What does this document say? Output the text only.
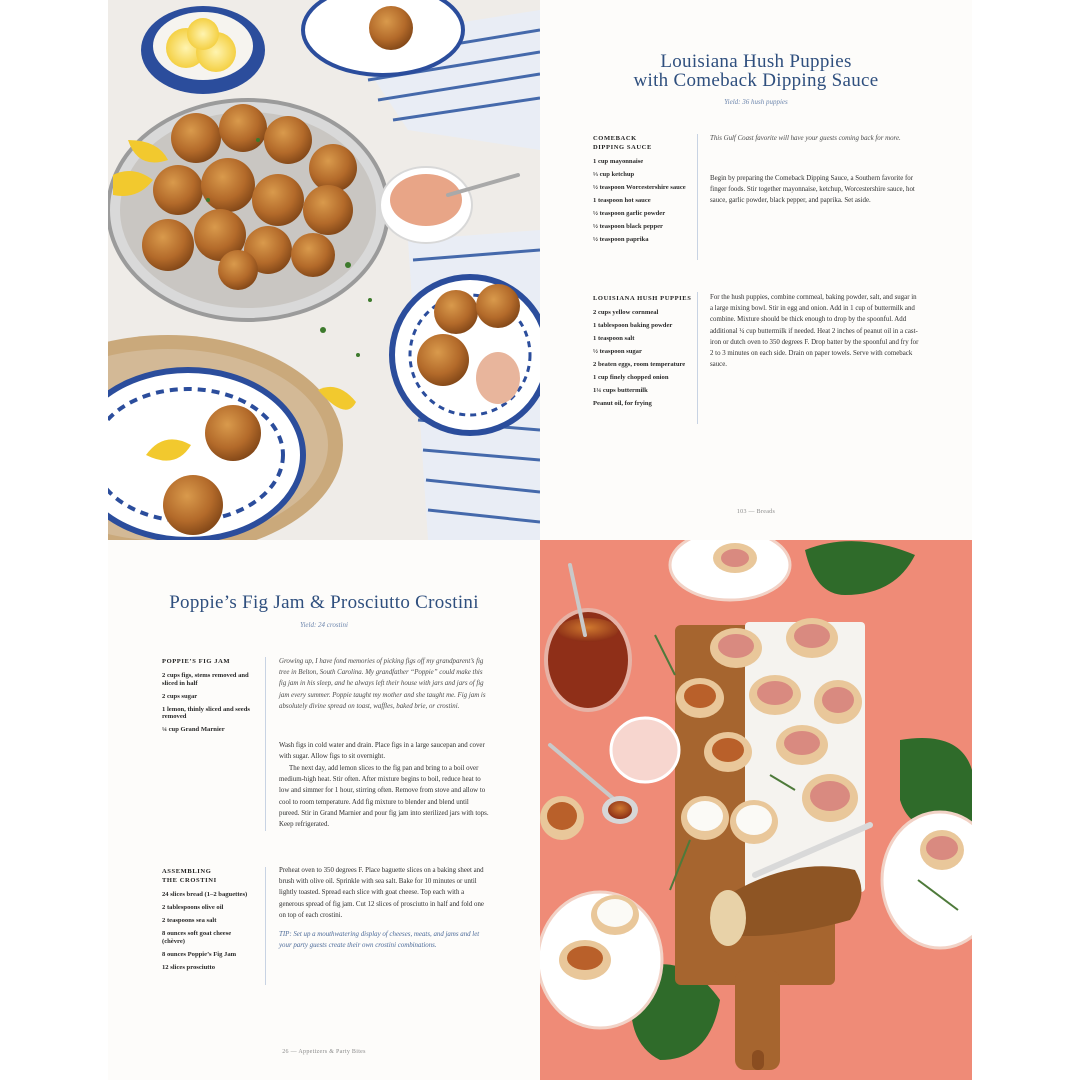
Louisiana Hush Puppies
with Comeback Dipping Sauce
Yield: 36 hush puppies
COMEBACK
DIPPING SAUCE
1 cup mayonnaise
⅓ cup ketchup
½ teaspoon Worcestershire sauce
1 teaspoon hot sauce
½ teaspoon garlic powder
½ teaspoon black pepper
½ teaspoon paprika

This Gulf Coast favorite will have your guests coming back for more.

Begin by preparing the Comeback Dipping Sauce, a Southern favorite for finger foods. Stir together mayonnaise, ketchup, Worcestershire sauce, hot sauce, garlic powder, black pepper, and paprika. Set aside.

LOUISIANA HUSH PUPPIES
2 cups yellow cornmeal
1 tablespoon baking powder
1 teaspoon salt
½ teaspoon sugar
2 beaten eggs, room temperature
1 cup finely chopped onion
1¼ cups buttermilk
Peanut oil, for frying

For the hush puppies, combine cornmeal, baking powder, salt, and sugar in a large mixing bowl. Stir in egg and onion. Add in 1 cup of buttermilk and combine. Mixture should be thick enough to drop by the spoonful. Add additional ¼ cup buttermilk if needed. Heat 2 inches of peanut oil in a cast-iron or dutch oven to 350 degrees F. Drop batter by the spoonful and fry for 2 to 3 minutes on each side. Drain on paper towels. Serve with comeback sauce.

103 — Breads
Poppie’s Fig Jam & Prosciutto Crostini
Yield: 24 crostini
POPPIE’S FIG JAM
2 cups figs, stems removed and sliced in half
2 cups sugar
1 lemon, thinly sliced and seeds removed
¼ cup Grand Marnier

Growing up, I have fond memories of picking figs off my grandparent’s fig tree in Belton, South Carolina. My grandfather “Poppie” could make this fig jam in his sleep, and he always left their house with jars and jars of fig jam every summer. Poppie taught my mother and she taught me. Fig jam is absolutely divine spread on toast, waffles, baked brie, or crostini.

Wash figs in cold water and drain. Place figs in a large saucepan and cover with sugar. Allow figs to sit overnight.

The next day, add lemon slices to the fig pan and bring to a boil over medium-high heat. Stir often. After mixture begins to boil, reduce heat to low and simmer for 1 hour, stirring often. Remove from stove and allow to cool to room temperature. Add fig mixture to blender and blend until pureed. Stir in Grand Marnier and pour fig jam into sterilized jars with tops. Keep refrigerated.

ASSEMBLING
THE CROSTINI
24 slices bread (1–2 baguettes)
2 tablespoons olive oil
2 teaspoons sea salt
8 ounces soft goat cheese (chèvre)
8 ounces Poppie’s Fig Jam
12 slices prosciutto

Preheat oven to 350 degrees F. Place baguette slices on a baking sheet and brush with olive oil. Sprinkle with sea salt. Bake for 10 minutes or until lightly toasted. Spread each slice with goat cheese. Top each with a generous spread of fig jam. Cut 12 slices of prosciutto in half and fold one on top of each crostini.

TIP: Set up a mouthwatering display of cheeses, meats, and jams and let your party guests create their own crostini combinations.

26 — Appetizers & Party Bites
